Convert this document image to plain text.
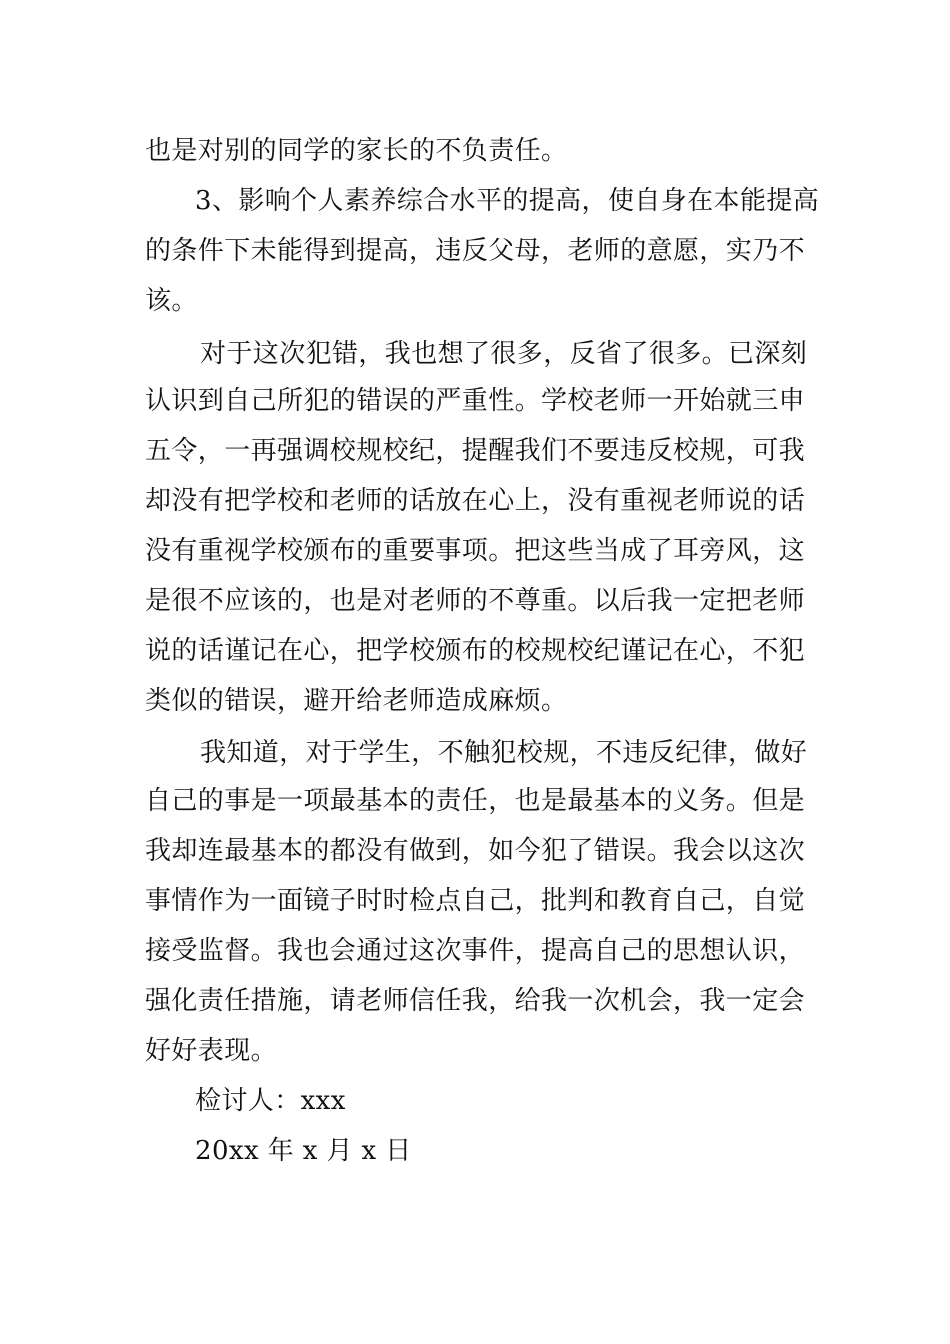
也是对别的同学的家长的不负责任。
3、影响个人素养综合水平的提高，使自身在本能提高
的条件下未能得到提高，违反父母，老师的意愿，实乃不
该。
对于这次犯错，我也想了很多，反省了很多。已深刻
认识到自己所犯的错误的严重性。学校老师一开始就三申
五令，一再强调校规校纪，提醒我们不要违反校规，可我
却没有把学校和老师的话放在心上，没有重视老师说的话
没有重视学校颁布的重要事项。把这些当成了耳旁风，这
是很不应该的，也是对老师的不尊重。以后我一定把老师
说的话谨记在心，把学校颁布的校规校纪谨记在心，不犯
类似的错误，避开给老师造成麻烦。
我知道，对于学生，不触犯校规，不违反纪律，做好
自己的事是一项最基本的责任，也是最基本的义务。但是
我却连最基本的都没有做到，如今犯了错误。我会以这次
事情作为一面镜子时时检点自己，批判和教育自己，自觉
接受监督。我也会通过这次事件，提高自己的思想认识，
强化责任措施，请老师信任我，给我一次机会，我一定会
好好表现。
检讨人：xxx
20xx 年 x 月 x 日
